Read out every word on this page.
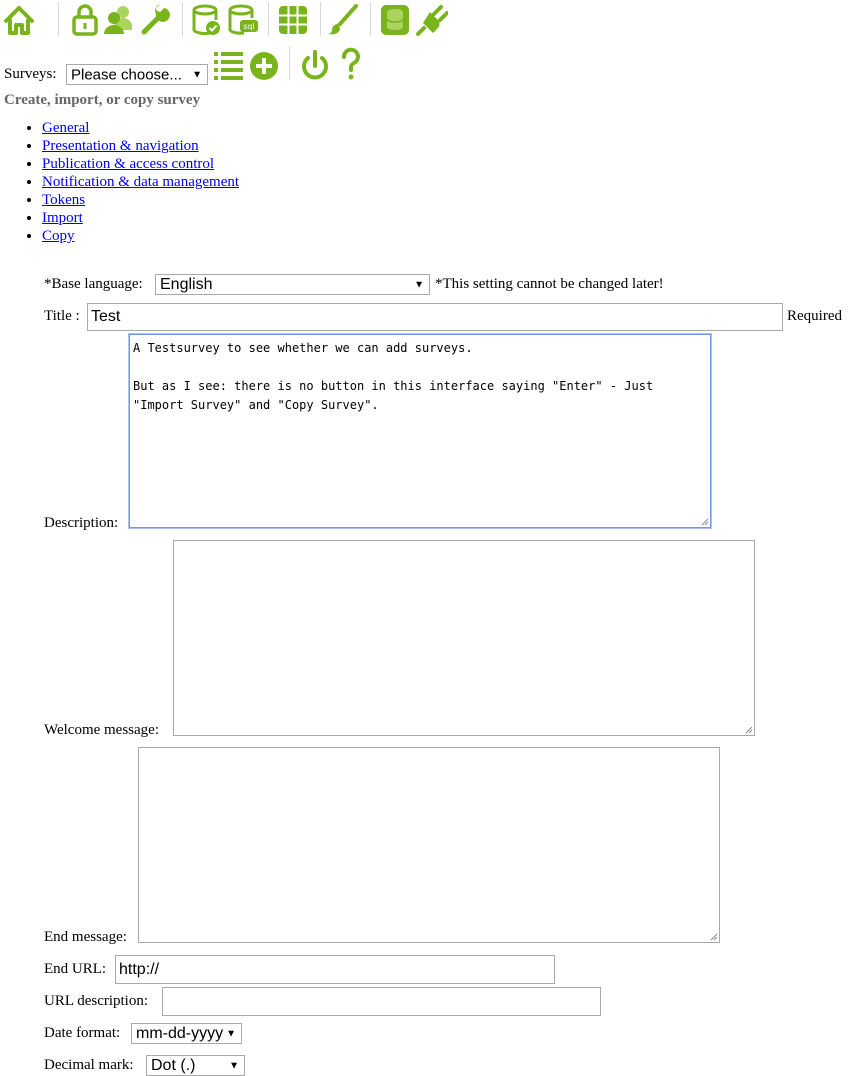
sql
Surveys: Please choose... ▼
Create, import, or copy survey
• General
• Presentation & navigation
• Publication & access control
• Notification & data management
• Tokens
• Import
• Copy
*Base language: English	▼ *This setting cannot be changed later!
Title : Test	Required
A Testsurvey to see whether we can add surveys.

But as I see: there is no button in this interface saying "Enter" - Just "Import Survey" and "Copy Survey".
Description:
Welcome message:
End message:
End URL: http://
URL description:
Date format: mm-dd-yyyy ▼
Decimal mark: Dot (.)	▼
